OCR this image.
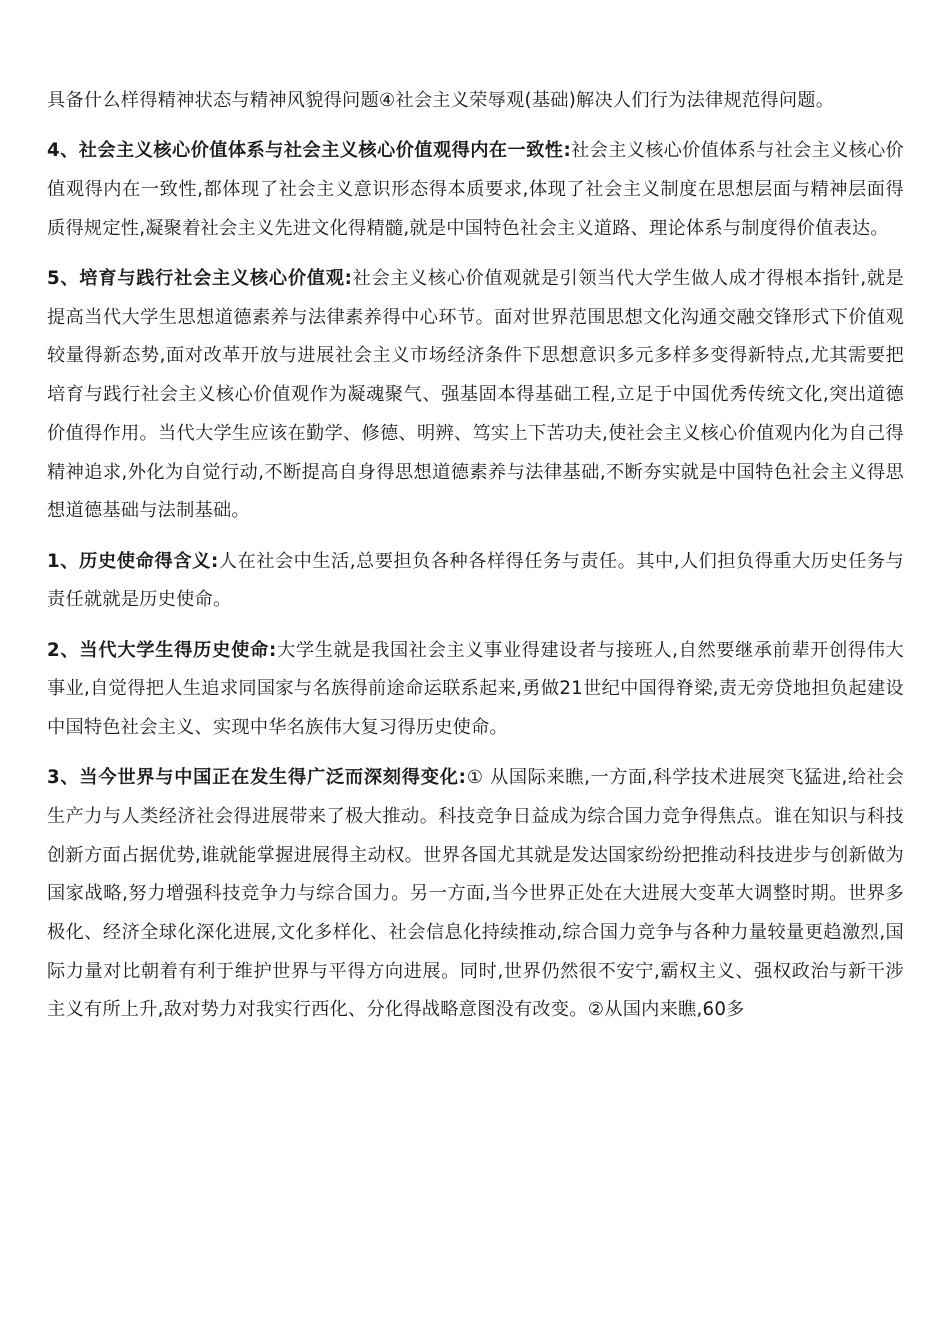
具备什么样得精神状态与精神风貌得问题④社会主义荣辱观(基础)解决人们行为法律规范得问题。

4、社会主义核心价值体系与社会主义核心价值观得内在一致性:社会主义核心价值体系与社会主义核心价值观得内在一致性,都体现了社会主义意识形态得本质要求,体现了社会主义制度在思想层面与精神层面得质得规定性,凝聚着社会主义先进文化得精髓,就是中国特色社会主义道路、理论体系与制度得价值表达。

5、培育与践行社会主义核心价值观:社会主义核心价值观就是引领当代大学生做人成才得根本指针,就是提高当代大学生思想道德素养与法律素养得中心环节。面对世界范围思想文化沟通交融交锋形式下价值观较量得新态势,面对改革开放与进展社会主义市场经济条件下思想意识多元多样多变得新特点,尤其需要把培育与践行社会主义核心价值观作为凝魂聚气、强基固本得基础工程,立足于中国优秀传统文化,突出道德价值得作用。当代大学生应该在勤学、修德、明辨、笃实上下苦功夫,使社会主义核心价值观内化为自己得精神追求,外化为自觉行动,不断提高自身得思想道德素养与法律基础,不断夯实就是中国特色社会主义得思想道德基础与法制基础。

1、历史使命得含义:人在社会中生活,总要担负各种各样得任务与责任。其中,人们担负得重大历史任务与责任就就是历史使命。

2、当代大学生得历史使命:大学生就是我国社会主义事业得建设者与接班人,自然要继承前辈开创得伟大事业,自觉得把人生追求同国家与名族得前途命运联系起来,勇做21世纪中国得脊梁,责无旁贷地担负起建设中国特色社会主义、实现中华名族伟大复习得历史使命。

3、当今世界与中国正在发生得广泛而深刻得变化:① 从国际来瞧,一方面,科学技术进展突飞猛进,给社会生产力与人类经济社会得进展带来了极大推动。科技竞争日益成为综合国力竞争得焦点。谁在知识与科技创新方面占据优势,谁就能掌握进展得主动权。世界各国尤其就是发达国家纷纷把推动科技进步与创新做为国家战略,努力增强科技竞争力与综合国力。另一方面,当今世界正处在大进展大变革大调整时期。世界多极化、经济全球化深化进展,文化多样化、社会信息化持续推动,综合国力竞争与各种力量较量更趋激烈,国际力量对比朝着有利于维护世界与平得方向进展。同时,世界仍然很不安宁,霸权主义、强权政治与新干涉主义有所上升,敌对势力对我实行西化、分化得战略意图没有改变。②从国内来瞧,60多
